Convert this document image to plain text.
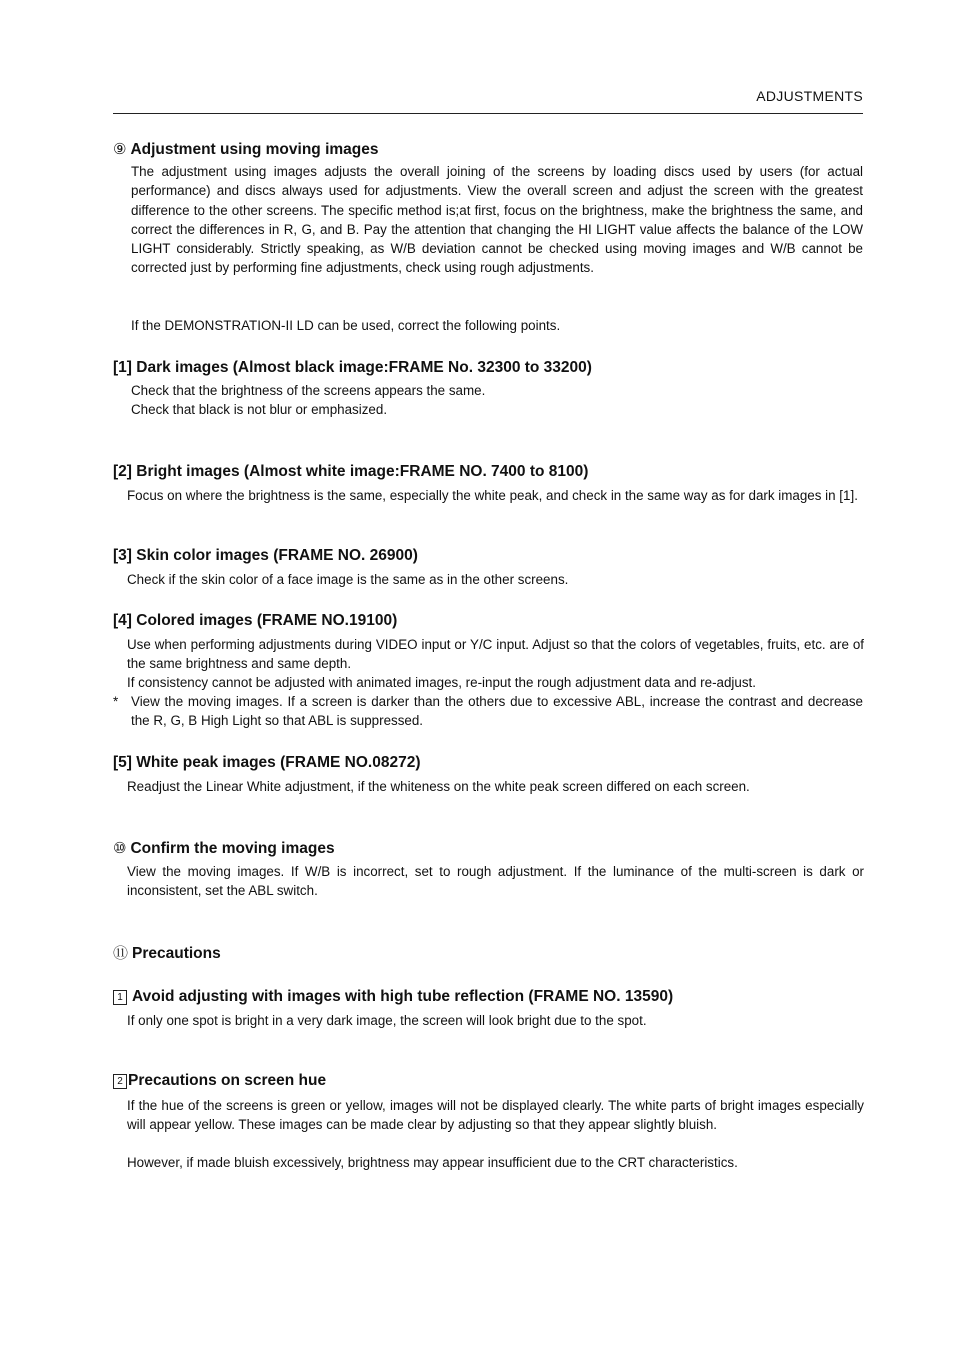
ADJUSTMENTS
⑨ Adjustment using moving images
The adjustment using images adjusts the overall joining of the screens by loading discs used by users (for actual performance) and discs always used for adjustments. View the overall screen and adjust the screen with the greatest difference to the other screens. The specific method is;at first, focus on the brightness, make the brightness the same, and correct the differences in R, G, and B. Pay the attention that changing the HI LIGHT value affects the balance of the LOW LIGHT considerably. Strictly speaking, as W/B deviation cannot be checked using moving images and W/B cannot be corrected just by performing fine adjustments, check using rough adjustments.
If the DEMONSTRATION-II LD can be used, correct the following points.
[1] Dark images (Almost black image:FRAME No. 32300 to 33200)
Check that the brightness of the screens appears the same.
Check that black is not blur or emphasized.
[2] Bright images (Almost white image:FRAME NO. 7400 to 8100)
Focus on where the brightness is the same, especially the white peak, and check in the same way as for dark images in [1].
[3] Skin color images (FRAME NO. 26900)
Check if the skin color of a face image is the same as in the other screens.
[4] Colored images (FRAME NO.19100)
Use when performing adjustments during VIDEO input or Y/C input. Adjust so that the colors of vegetables, fruits, etc. are of the same brightness and same depth.
If consistency cannot be adjusted with animated images, re-input the rough adjustment data and re-adjust.
* View the moving images. If a screen is darker than the others due to excessive ABL, increase the contrast and decrease the R, G, B High Light so that ABL is suppressed.
[5] White peak images (FRAME NO.08272)
Readjust the Linear White adjustment, if the whiteness on the white peak screen differed on each screen.
⑩ Confirm the moving images
View the moving images. If W/B is incorrect, set to rough adjustment. If the luminance of the multi-screen is dark or inconsistent, set the ABL switch.
⑪ Precautions
1 Avoid adjusting with images with high tube reflection (FRAME NO. 13590)
If only one spot is bright in a very dark image, the screen will look bright due to the spot.
2 Precautions on screen hue
If the hue of the screens is green or yellow, images will not be displayed clearly. The white parts of bright images especially will appear yellow. These images can be made clear by adjusting so that they appear slightly bluish.
However, if made bluish excessively, brightness may appear insufficient due to the CRT characteristics.
